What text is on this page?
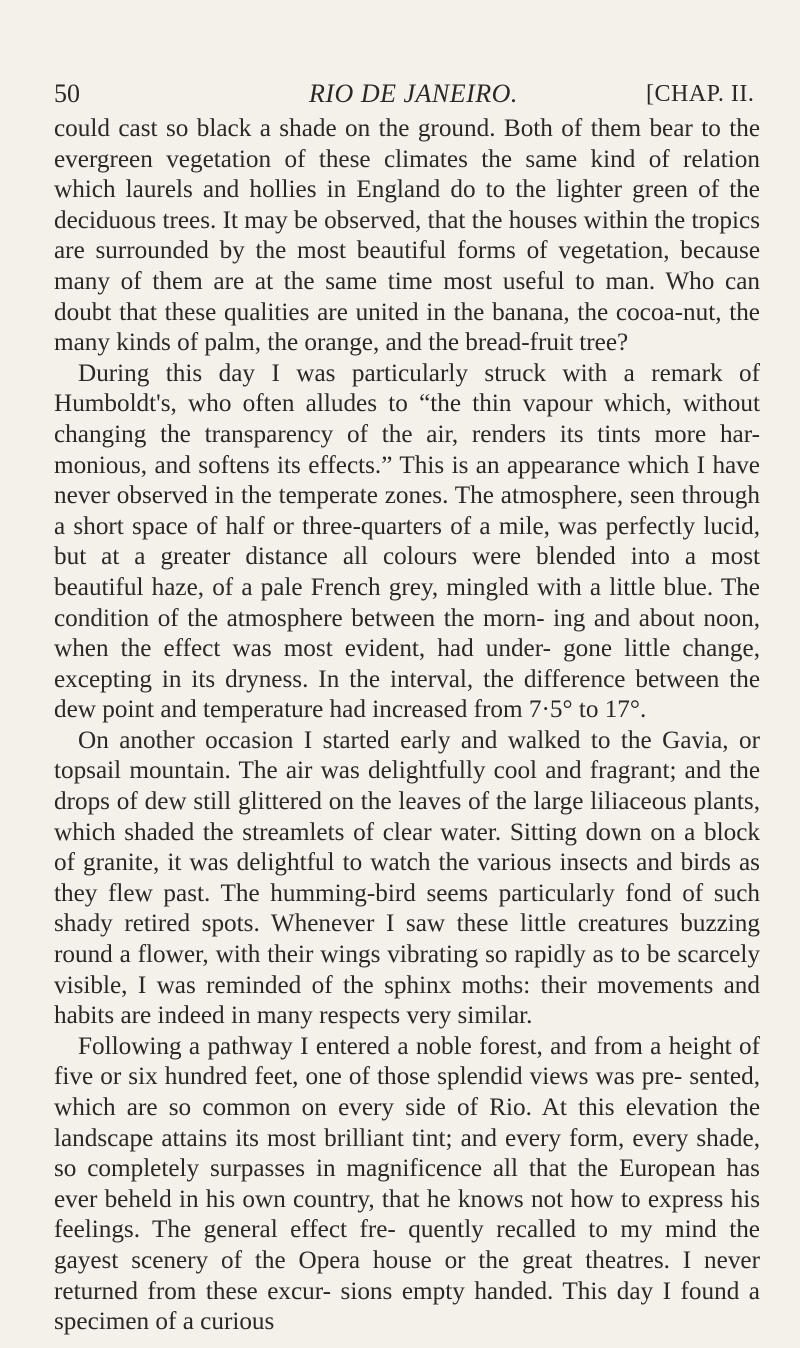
50	RIO DE JANEIRO.	[CHAP. II.

could cast so black a shade on the ground. Both of them bear to the evergreen vegetation of these climates the same kind of relation which laurels and hollies in England do to the lighter green of the deciduous trees. It may be observed, that the houses within the tropics are surrounded by the most beautiful forms of vegetation, because many of them are at the same time most useful to man. Who can doubt that these qualities are united in the banana, the cocoa-nut, the many kinds of palm, the orange, and the bread-fruit tree?

During this day I was particularly struck with a remark of Humboldt's, who often alludes to “the thin vapour which, without changing the transparency of the air, renders its tints more har- monious, and softens its effects.” This is an appearance which I have never observed in the temperate zones. The atmosphere, seen through a short space of half or three-quarters of a mile, was perfectly lucid, but at a greater distance all colours were blended into a most beautiful haze, of a pale French grey, mingled with a little blue. The condition of the atmosphere between the morn- ing and about noon, when the effect was most evident, had under- gone little change, excepting in its dryness. In the interval, the difference between the dew point and temperature had increased from 7·5° to 17°.

On another occasion I started early and walked to the Gavia, or topsail mountain. The air was delightfully cool and fragrant; and the drops of dew still glittered on the leaves of the large liliaceous plants, which shaded the streamlets of clear water. Sitting down on a block of granite, it was delightful to watch the various insects and birds as they flew past. The humming-bird seems particularly fond of such shady retired spots. Whenever I saw these little creatures buzzing round a flower, with their wings vibrating so rapidly as to be scarcely visible, I was reminded of the sphinx moths: their movements and habits are indeed in many respects very similar.

Following a pathway I entered a noble forest, and from a height of five or six hundred feet, one of those splendid views was pre- sented, which are so common on every side of Rio. At this elevation the landscape attains its most brilliant tint; and every form, every shade, so completely surpasses in magnificence all that the European has ever beheld in his own country, that he knows not how to express his feelings. The general effect fre- quently recalled to my mind the gayest scenery of the Opera house or the great theatres. I never returned from these excur- sions empty handed. This day I found a specimen of a curious
